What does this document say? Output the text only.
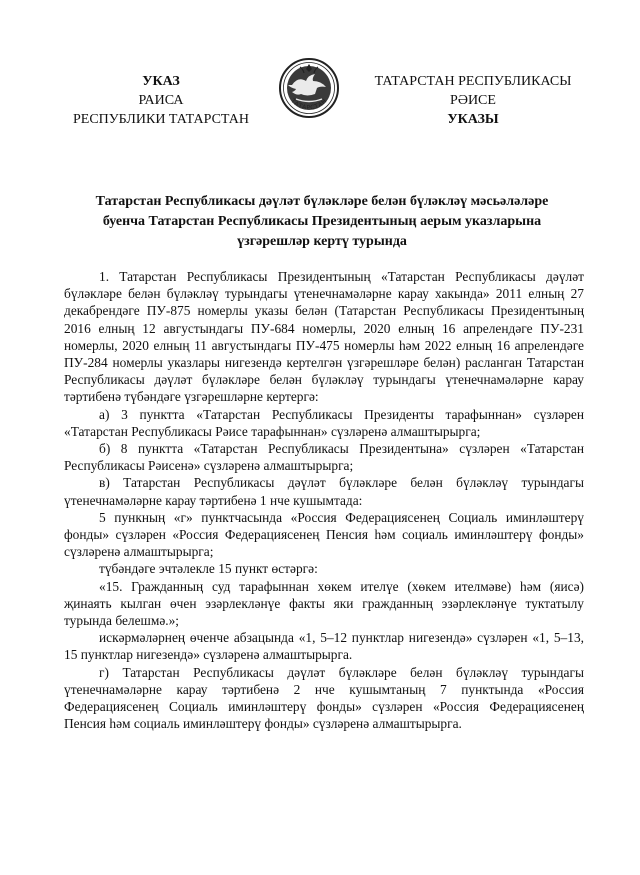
УКАЗ
РАИСА
РЕСПУБЛИКИ ТАТАРСТАН
ТАТАРСТАН
ТАТАРСТАН РЕСПУБЛИКАСЫ
РӘИСЕ
УКАЗЫ
Татарстан Республикасы дәүләт бүләкләре белән бүләкләү мәсьәләләре
буенча Татарстан Республикасы Президентының аерым указларына
үзгәрешләр кертү турында

1. Татарстан Республикасы Президентының «Татарстан Республикасы дәүләт бүләкләре белән бүләкләү турындагы үтенечнамәләрне карау хакында» 2011 елның 27 декабрендәге ПУ-875 номерлы указы белән (Татарстан Республикасы Президентының 2016 елның 12 августындагы ПУ-684 номерлы, 2020 елның 16 апрелендәге ПУ-231 номерлы, 2020 елның 11 августындагы ПУ-475 номерлы һәм 2022 елның 16 апрелендәге ПУ-284 номерлы указлары нигезендә кертелгән үзгәрешләре белән) расланган Татарстан Республикасы дәүләт бүләкләре белән бүләкләү турындагы үтенечнамәләрне карау тәртибенә түбәндәге үзгәрешләрне кертергә:

а) 3 пунктта «Татарстан Республикасы Президенты тарафыннан» сүзләрен «Татарстан Республикасы Рәисе тарафыннан» сүзләренә алмаштырырга;

б) 8 пунктта «Татарстан Республикасы Президентына» сүзләрен «Татарстан Республикасы Рәисенә» сүзләренә алмаштырырга;

в) Татарстан Республикасы дәүләт бүләкләре белән бүләкләү турындагы үтенечнамәләрне карау тәртибенә 1 нче кушымтада:

5 пункның «г» пунктчасында «Россия Федерациясенең Социаль иминләштерү фонды» сүзләрен «Россия Федерациясенең Пенсия һәм социаль иминләштерү фонды» сүзләренә алмаштырырга;

түбәндәге эчтәлекле 15 пункт өстәргә:

«15. Гражданның суд тарафыннан хөкем ителүе (хөкем ителмәве) һәм (яисә) җинаять кылган өчен эзәрлекләнүе факты яки гражданның эзәрлекләнүе туктатылу турында белешмә.»;

искәрмәләрнең өченче абзацында «1, 5–12 пунктлар нигезендә» сүзләрен «1, 5–13, 15 пунктлар нигезендә» сүзләренә алмаштырырга.

г) Татарстан Республикасы дәүләт бүләкләре белән бүләкләү турындагы үтенечнамәләрне карау тәртибенә 2 нче кушымтаның 7 пунктында «Россия Федерациясенең Социаль иминләштерү фонды» сүзләрен «Россия Федерациясенең Пенсия һәм социаль иминләштерү фонды» сүзләренә алмаштырырга.
